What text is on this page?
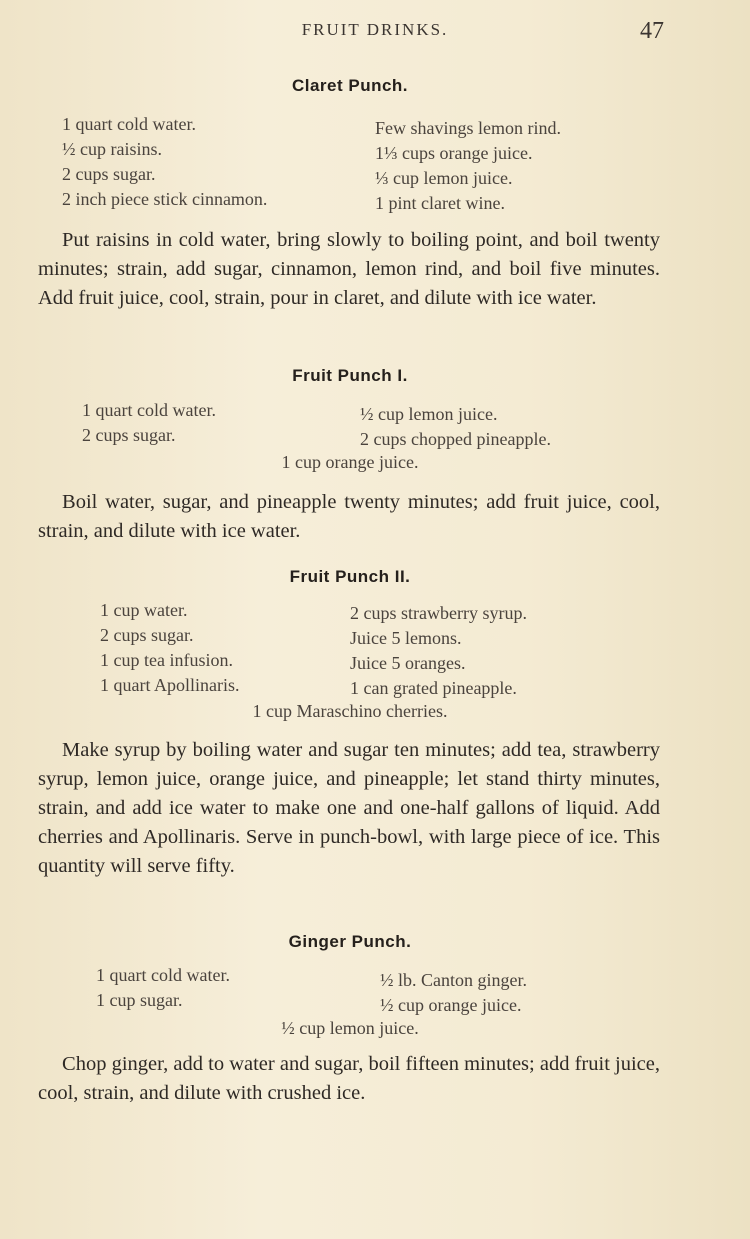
FRUIT DRINKS.	47
Claret Punch.
1 quart cold water.
½ cup raisins.
2 cups sugar.
2 inch piece stick cinnamon.
Few shavings lemon rind.
1⅓ cups orange juice.
⅓ cup lemon juice.
1 pint claret wine.
Put raisins in cold water, bring slowly to boiling point, and boil twenty minutes; strain, add sugar, cinnamon, lemon rind, and boil five minutes. Add fruit juice, cool, strain, pour in claret, and dilute with ice water.
Fruit Punch I.
1 quart cold water.
2 cups sugar.
½ cup lemon juice.
2 cups chopped pineapple.
1 cup orange juice.
Boil water, sugar, and pineapple twenty minutes; add fruit juice, cool, strain, and dilute with ice water.
Fruit Punch II.
1 cup water.
2 cups sugar.
1 cup tea infusion.
1 quart Apollinaris.
2 cups strawberry syrup.
Juice 5 lemons.
Juice 5 oranges.
1 can grated pineapple.
1 cup Maraschino cherries.
Make syrup by boiling water and sugar ten minutes; add tea, strawberry syrup, lemon juice, orange juice, and pineapple; let stand thirty minutes, strain, and add ice water to make one and one-half gallons of liquid. Add cherries and Apollinaris. Serve in punch-bowl, with large piece of ice. This quantity will serve fifty.
Ginger Punch.
1 quart cold water.
1 cup sugar.
½ lb. Canton ginger.
½ cup orange juice.
½ cup lemon juice.
Chop ginger, add to water and sugar, boil fifteen minutes; add fruit juice, cool, strain, and dilute with crushed ice.
